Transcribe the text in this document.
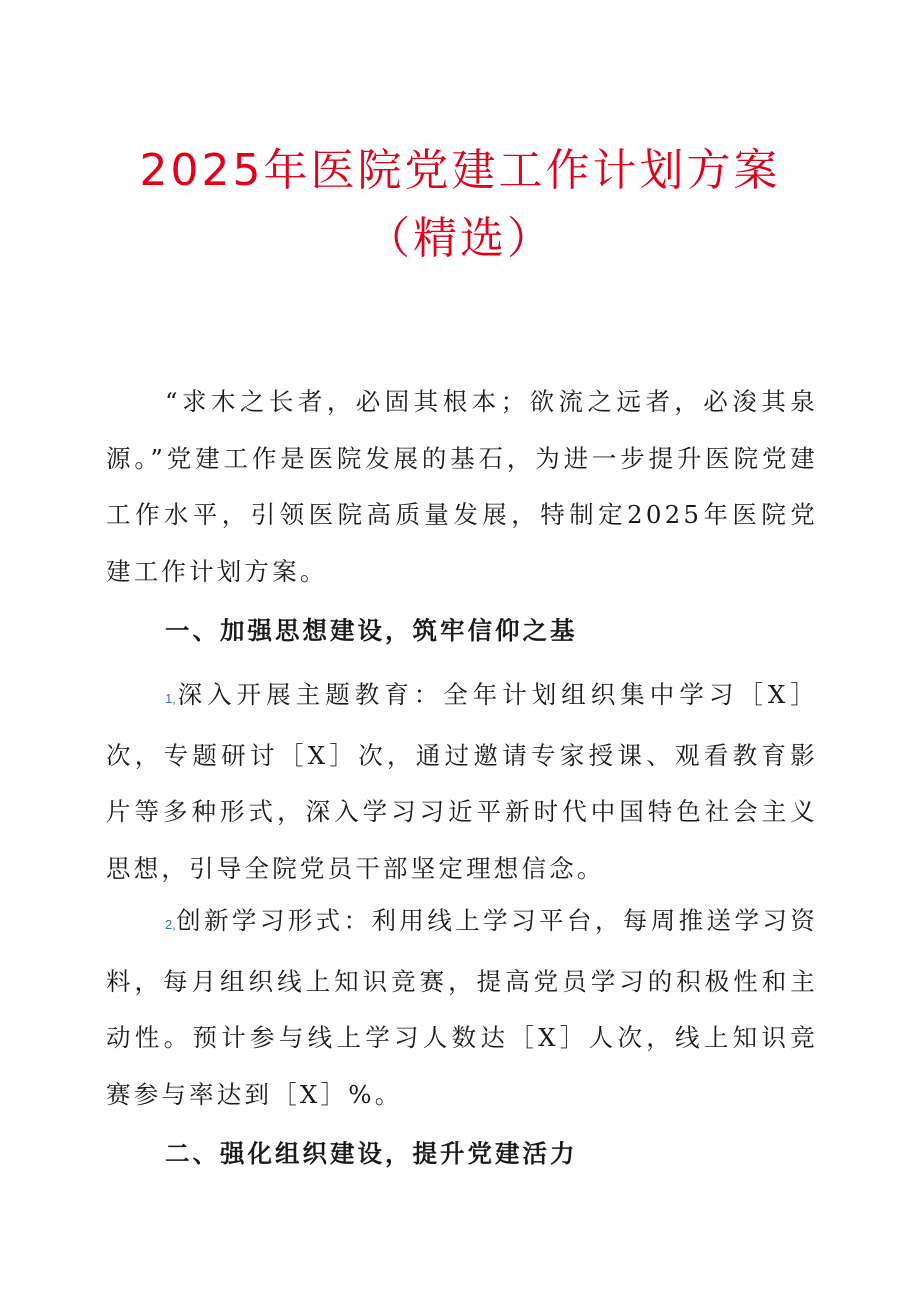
2025年医院党建工作计划方案
（精选）

“求木之长者，必固其根本；欲流之远者，必浚其泉源。”党建工作是医院发展的基石，为进一步提升医院党建工作水平，引领医院高质量发展，特制定2025年医院党建工作计划方案。

一、加强思想建设，筑牢信仰之基

1,深入开展主题教育：全年计划组织集中学习［X］次，专题研讨［X］次，通过邀请专家授课、观看教育影片等多种形式，深入学习习近平新时代中国特色社会主义思想，引导全院党员干部坚定理想信念。

2,创新学习形式：利用线上学习平台，每周推送学习资料，每月组织线上知识竞赛，提高党员学习的积极性和主动性。预计参与线上学习人数达［X］人次，线上知识竞赛参与率达到［X］%。

二、强化组织建设，提升党建活力
